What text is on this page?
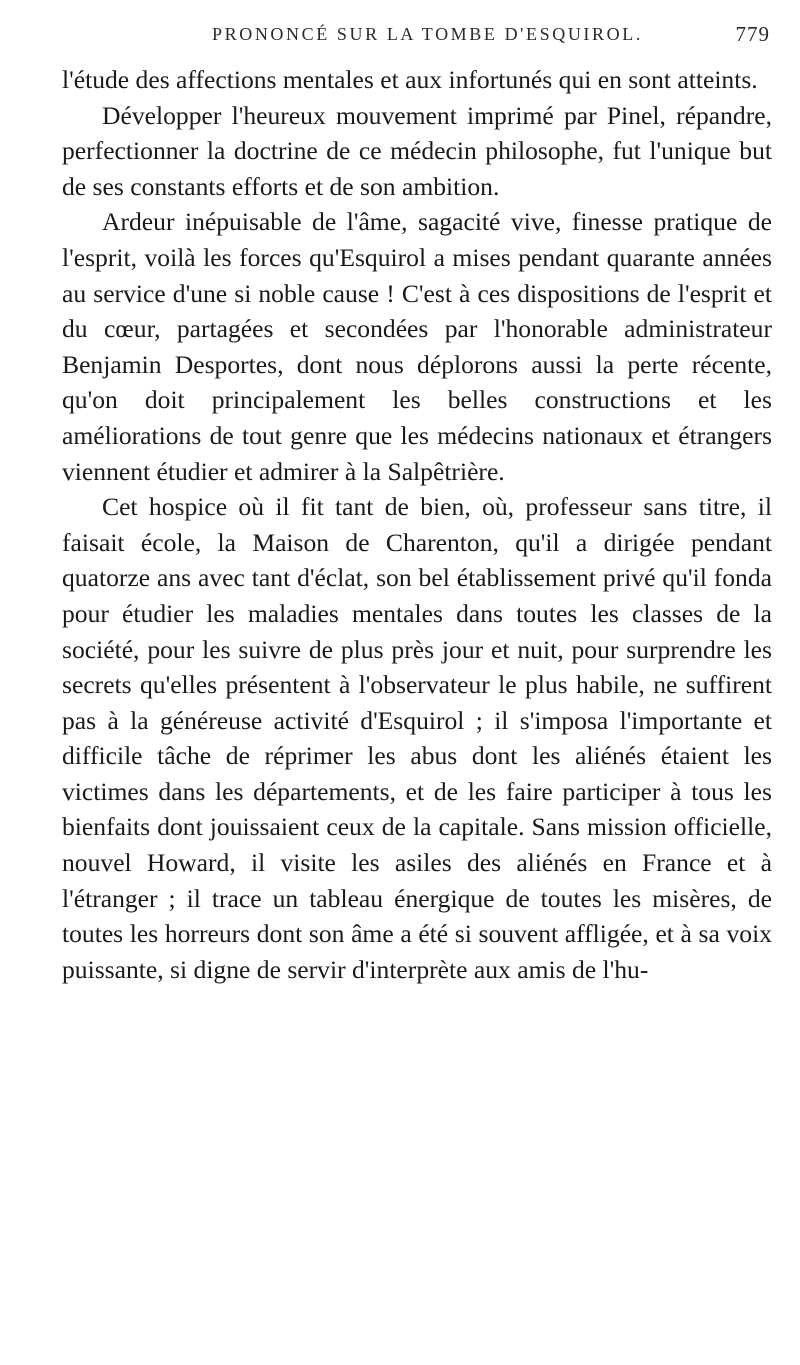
PRONONCÉ SUR LA TOMBE D'ESQUIROL.	779

l'étude des affections mentales et aux infortunés qui en sont atteints.

Développer l'heureux mouvement imprimé par Pinel, répandre, perfectionner la doctrine de ce médecin philosophe, fut l'unique but de ses constants efforts et de son ambition.

Ardeur inépuisable de l'âme, sagacité vive, finesse pratique de l'esprit, voilà les forces qu'Esquirol a mises pendant quarante années au service d'une si noble cause ! C'est à ces dispositions de l'esprit et du cœur, partagées et secondées par l'honorable administrateur Benjamin Desportes, dont nous déplorons aussi la perte récente, qu'on doit principalement les belles constructions et les améliorations de tout genre que les médecins nationaux et étrangers viennent étudier et admirer à la Salpêtrière.

Cet hospice où il fit tant de bien, où, professeur sans titre, il faisait école, la Maison de Charenton, qu'il a dirigée pendant quatorze ans avec tant d'éclat, son bel établissement privé qu'il fonda pour étudier les maladies mentales dans toutes les classes de la société, pour les suivre de plus près jour et nuit, pour surprendre les secrets qu'elles présentent à l'observateur le plus habile, ne suffirent pas à la généreuse activité d'Esquirol ; il s'imposa l'importante et difficile tâche de réprimer les abus dont les aliénés étaient les victimes dans les départements, et de les faire participer à tous les bienfaits dont jouissaient ceux de la capitale. Sans mission officielle, nouvel Howard, il visite les asiles des aliénés en France et à l'étranger ; il trace un tableau énergique de toutes les misères, de toutes les horreurs dont son âme a été si souvent affligée, et à sa voix puissante, si digne de servir d'interprète aux amis de l'hu-
